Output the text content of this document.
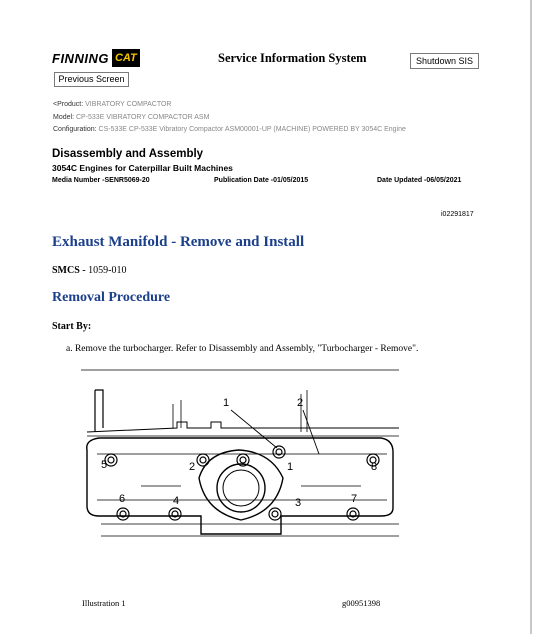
FINNING CAT	Service Information System	Shutdown SIS
Previous Screen
<Product: VIBRATORY COMPACTOR
Model: CP-533E VIBRATORY COMPACTOR ASM
Configuration: CS-533E CP-533E Vibratory Compactor ASM00001-UP (MACHINE) POWERED BY 3054C Engine
Disassembly and Assembly
3054C Engines for Caterpillar Built Machines
Media Number -SENR5069-20	Publication Date -01/05/2015	Date Updated -06/05/2021
i02291817
Exhaust Manifold - Remove and Install
SMCS - 1059-010
Removal Procedure
Start By:
a. Remove the turbocharger. Refer to Disassembly and Assembly, "Turbocharger - Remove".
1	2
5	2	1	8
6	4	3	7
Illustration 1	g00951398
